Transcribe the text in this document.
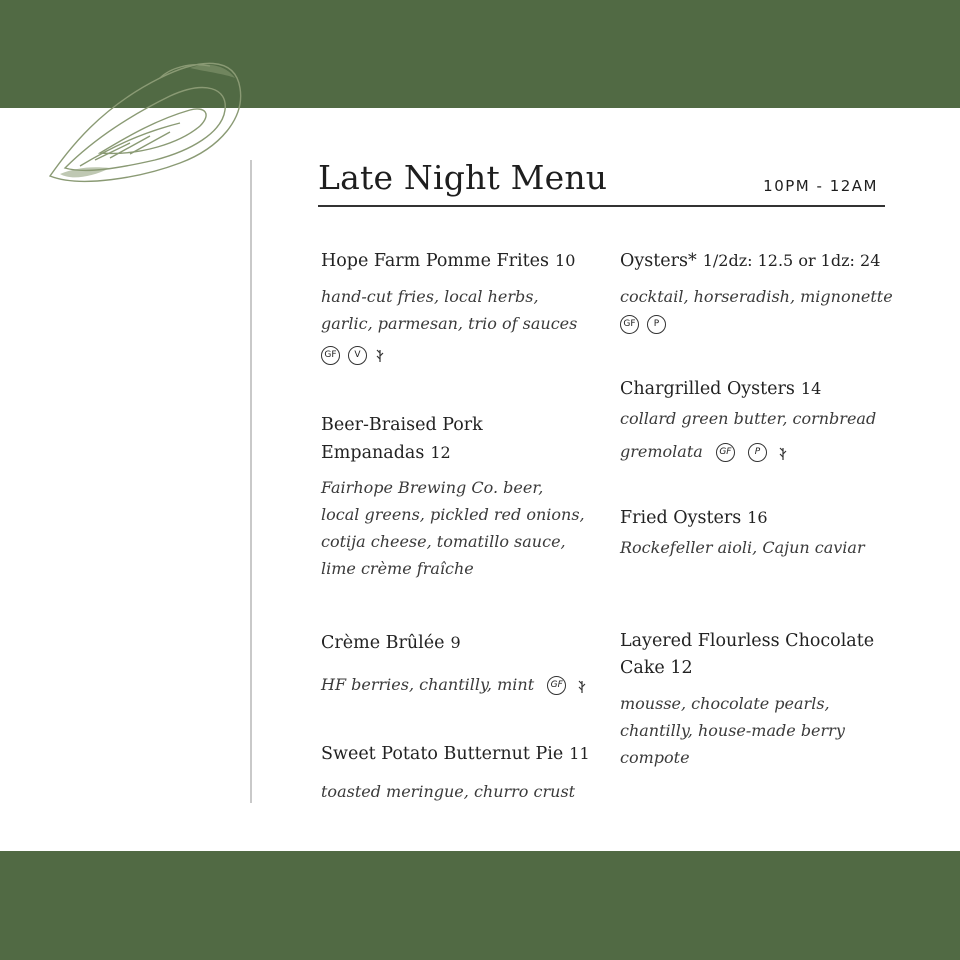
Late Night Menu	10PM - 12AM
Hope Farm Pomme Frites 10
hand-cut fries, local herbs,
garlic, parmesan, trio of sauces
GF	V
Beer-Braised Pork
Empanadas 12
Fairhope Brewing Co. beer,
local greens, pickled red onions,
cotija cheese, tomatillo sauce,
lime crème fraîche
Crème Brûlée 9
HF berries, chantilly, mint GF
Sweet Potato Butternut Pie 11
toasted meringue, churro crust
Oysters* 1/2dz: 12.5 or 1dz: 24
cocktail, horseradish, mignonette
GF	P
Chargrilled Oysters 14
collard green butter, cornbread
gremolata GF	P
Fried Oysters 16
Rockefeller aioli, Cajun caviar
Layered Flourless Chocolate
Cake 12
mousse, chocolate pearls,
chantilly, house-made berry
compote
